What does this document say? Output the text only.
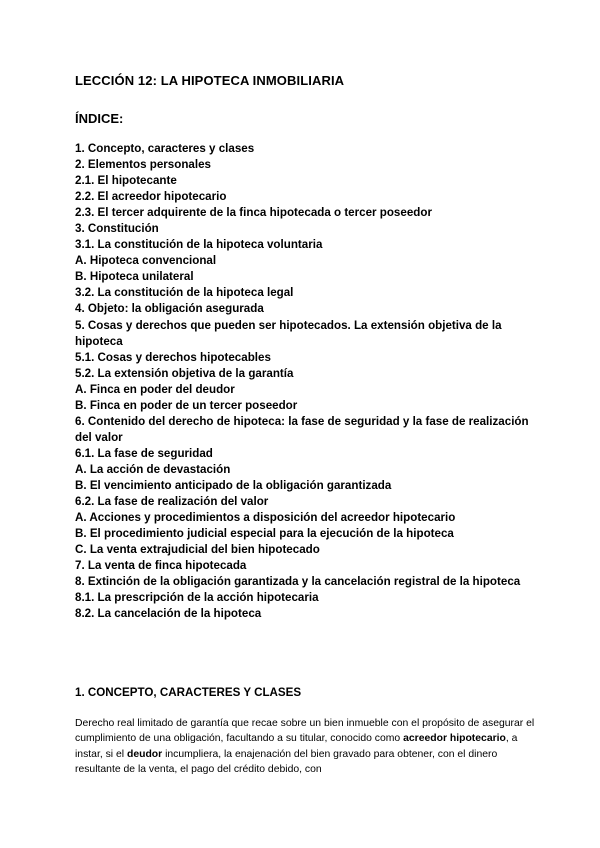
LECCIÓN 12: LA HIPOTECA INMOBILIARIA
ÍNDICE:
1. Concepto, caracteres y clases
2. Elementos personales
2.1. El hipotecante
2.2. El acreedor hipotecario
2.3. El tercer adquirente de la finca hipotecada o tercer poseedor
3. Constitución
3.1. La constitución de la hipoteca voluntaria
A. Hipoteca convencional
B. Hipoteca unilateral
3.2. La constitución de la hipoteca legal
4. Objeto: la obligación asegurada
5. Cosas y derechos que pueden ser hipotecados. La extensión objetiva de la hipoteca
5.1. Cosas y derechos hipotecables
5.2. La extensión objetiva de la garantía
A. Finca en poder del deudor
B. Finca en poder de un tercer poseedor
6. Contenido del derecho de hipoteca: la fase de seguridad y la fase de realización del valor
6.1. La fase de seguridad
A. La acción de devastación
B. El vencimiento anticipado de la obligación garantizada
6.2. La fase de realización del valor
A. Acciones y procedimientos a disposición del acreedor hipotecario
B. El procedimiento judicial especial para la ejecución de la hipoteca
C. La venta extrajudicial del bien hipotecado
7. La venta de finca hipotecada
8. Extinción de la obligación garantizada y la cancelación registral de la hipoteca
8.1. La prescripción de la acción hipotecaria
8.2. La cancelación de la hipoteca
1. CONCEPTO, CARACTERES Y CLASES

Derecho real limitado de garantía que recae sobre un bien inmueble con el propósito de asegurar el cumplimiento de una obligación, facultando a su titular, conocido como acreedor hipotecario, a instar, si el deudor incumpliera, la enajenación del bien gravado para obtener, con el dinero resultante de la venta, el pago del crédito debido, con
